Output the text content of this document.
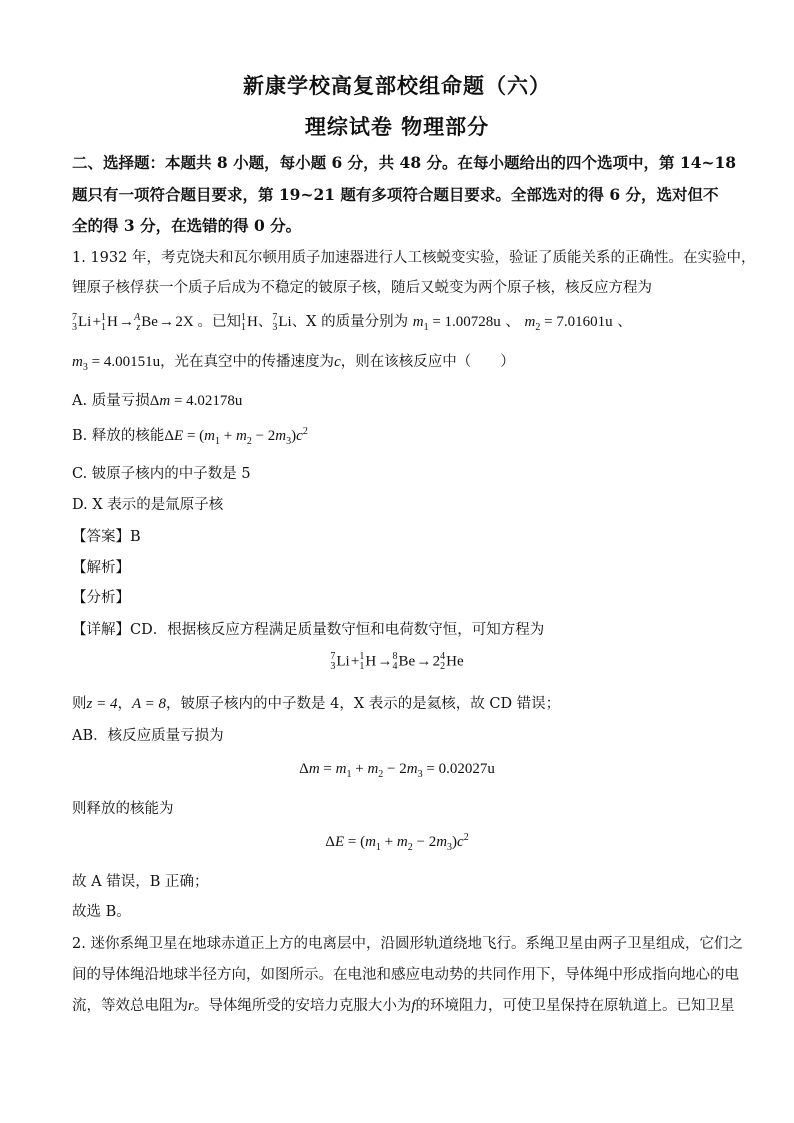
新康学校高复部校组命题（六）
理综试卷 物理部分
二、选择题：本题共 8 小题，每小题 6 分，共 48 分。在每小题给出的四个选项中，第 14~18
题只有一项符合题目要求，第 19~21 题有多项符合题目要求。全部选对的得 6 分，选对但不
全的得 3 分，在选错的得 0 分。
1. 1932 年，考克饶夫和瓦尔顿用质子加速器进行人工核蜕变实验，验证了质能关系的正确性。在实验中，
锂原子核俘获一个质子后成为不稳定的铍原子核，随后又蜕变为两个原子核，核反应方程为
7
3 Li + 1
1 H → A
z Be → 2X 。已知 1
1 H、 7
3 Li、X 的质量分别为 $m_1 = 1.00728u$ 、 $m_2 = 7.01601u$ 、
$m_3 = 4.00151u$，光在真空中的传播速度为c，则在该核反应中（　　）
A. 质量亏损Δm = 4.02178u
B. 释放的核能$\Delta E = (m_1 + m_2 - 2m_3)c^2$
C. 铍原子核内的中子数是 5
D. X 表示的是氚原子核
【答案】B
【解析】
【分析】
【详解】CD．根据核反应方程满足质量数守恒和电荷数守恒，可知方程为
7
3 Li + 1
1 H → 8
4 Be → 2 4
2 He
则z = 4，A = 8，铍原子核内的中子数是 4，X 表示的是氦核，故 CD 错误；
AB．核反应质量亏损为
$\Delta m = m_1 + m_2 - 2m_3 = 0.02027u$
则释放的核能为
$\Delta E = (m_1 + m_2 - 2m_3)c^2$
故 A 错误，B 正确；
故选 B。
2. 迷你系绳卫星在地球赤道正上方的电离层中，沿圆形轨道绕地飞行。系绳卫星由两子卫星组成，它们之
间的导体绳沿地球半径方向，如图所示。在电池和感应电动势的共同作用下，导体绳中形成指向地心的电
流，等效总电阻为r。导体绳所受的安培力克服大小为f的环境阻力，可使卫星保持在原轨道上。已知卫星
